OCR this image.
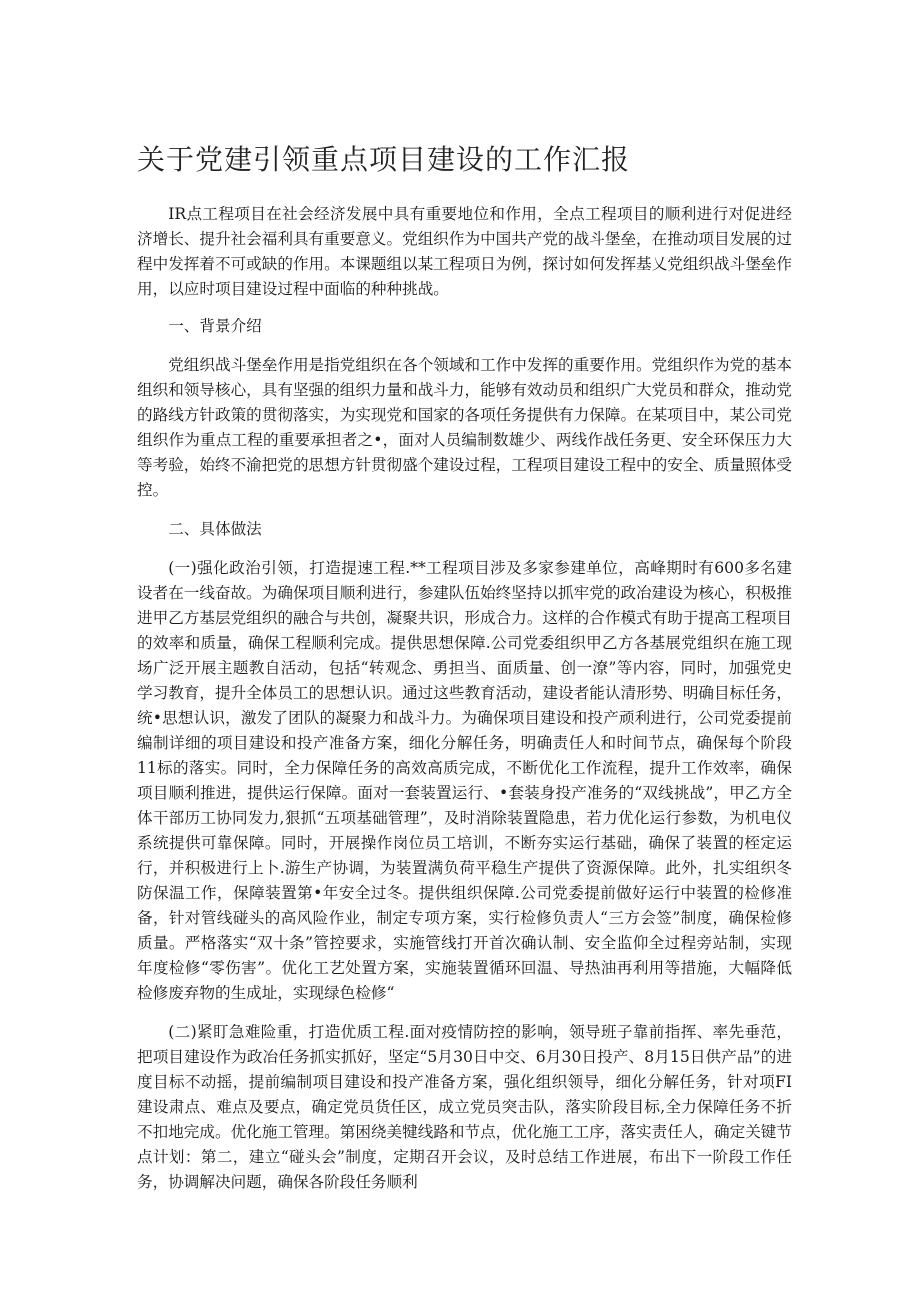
关于党建引领重点项目建设的工作汇报

IR点工程项目在社会经济发展中具有重要地位和作用，全点工程项目的顺利进行对促进经济增长、提升社会福利具有重要意义。党组织作为中国共产党的战斗堡垒，在推动项目发展的过程中发挥着不可或缺的作用。本课题组以某工程项日为例，探讨如何发挥基乂党组织战斗堡垒作用，以应时项目建设过程中面临的种种挑战。

一、背景介绍

党组织战斗堡垒作用是指党组织在各个领域和工作中发挥的重要作用。党组织作为党的基本组织和领导核心，具有坚强的组织力量和战斗力，能够有效动员和组织广大党员和群众，推动党的路线方针政策的贯彻落实，为实现党和国家的各项任务提供有力保障。在某项目中，某公司党组织作为重点工程的重要承担者之•，面对人员编制数雄少、两线作战任务更、安全环保压力大等考验，始终不渝把党的思想方针贯彻盛个建设过程，工程项目建设工程中的安全、质量照体受控。

二、具体做法

(一)强化政治引领，打造提速工程.**工程项目涉及多家参建单位，高峰期时有600多名建设者在一线奋故。为确保项目顺利进行，参建队伍始终坚持以抓牢党的政冶建设为核心，积极推进甲乙方基层党组织的融合与共创，凝聚共识，形成合力。这样的合作模式有助于提高工程项目的效率和质量，确保工程顺利完成。提供思想保障.公司党委组织甲乙方各基展党组织在施工现场广泛开展主题教自活动，包括“转观念、勇担当、面质量、创一潦”等内容，同时，加强党史学习教育，提升全体员工的思想认识。通过这些教育活动，建设者能认清形势、明确目标任务，统•思想认识，激发了团队的凝聚力和战斗力。为确保项目建设和投产顽利进行，公司党委提前编制详细的项目建设和投产准备方案，细化分解任务，明确责任人和时间节点，确保每个阶段11标的落实。同时，全力保障任务的高效高质完成，不断优化工作流程，提升工作效率，确保项目顺利推进，提供运行保障。面对一套装置运行、•套装身投产准务的“双线挑战”，甲乙方全体干部历工协同发力,狠抓“五项基础管理”，及时消除装置隐患，若力优化运行参数，为机电仪系统提供可靠保障。同时，开展操作岗位员工培训，不断夯实运行基础，确保了装置的桎定运行，并积极进行上卜.游生产协调，为装置满负荷平稳生产提供了资源保障。此外，扎实组织冬防保温工作，保障装置第•年安全过冬。提供组织保障.公司党委提前做好运行中装置的检修准备，针对管线碰头的高风险作业，制定专项方案，实行检修负责人“三方会签”制度，确保检修质量。严格落实“双十条”管控要求，实施管线打开首次确认制、安全监仰全过程旁站制，实现年度检修“零伤害”。优化工艺处置方案，实施装置循环回温、导热油再利用等措施，大幅降低检修废弃物的生成址，实现绿色检修“

(二)紧盯急难险重，打造优质工程.面对疫情防控的影响，领导班子靠前指挥、率先垂范，把项目建设作为政冶任务抓实抓好，坚定“5月30日中交、6月30日投产、8月15日供产品”的进度目标不动摇，提前编制项目建设和投产准备方案，强化组织领导，细化分解任务，针对项FI建设肃点、难点及要点，确定党员货任区，成立党员突击队，落实阶段目标,全力保障任务不折不扣地完成。优化施工管理。第困绕美犍线路和节点，优化施工工序，落实责任人，确定关键节点计划：第二，建立“碰头会”制度，定期召开会议，及时总结工作进展，布出下一阶段工作任务，协调解决问题，确保各阶段任务顺利
